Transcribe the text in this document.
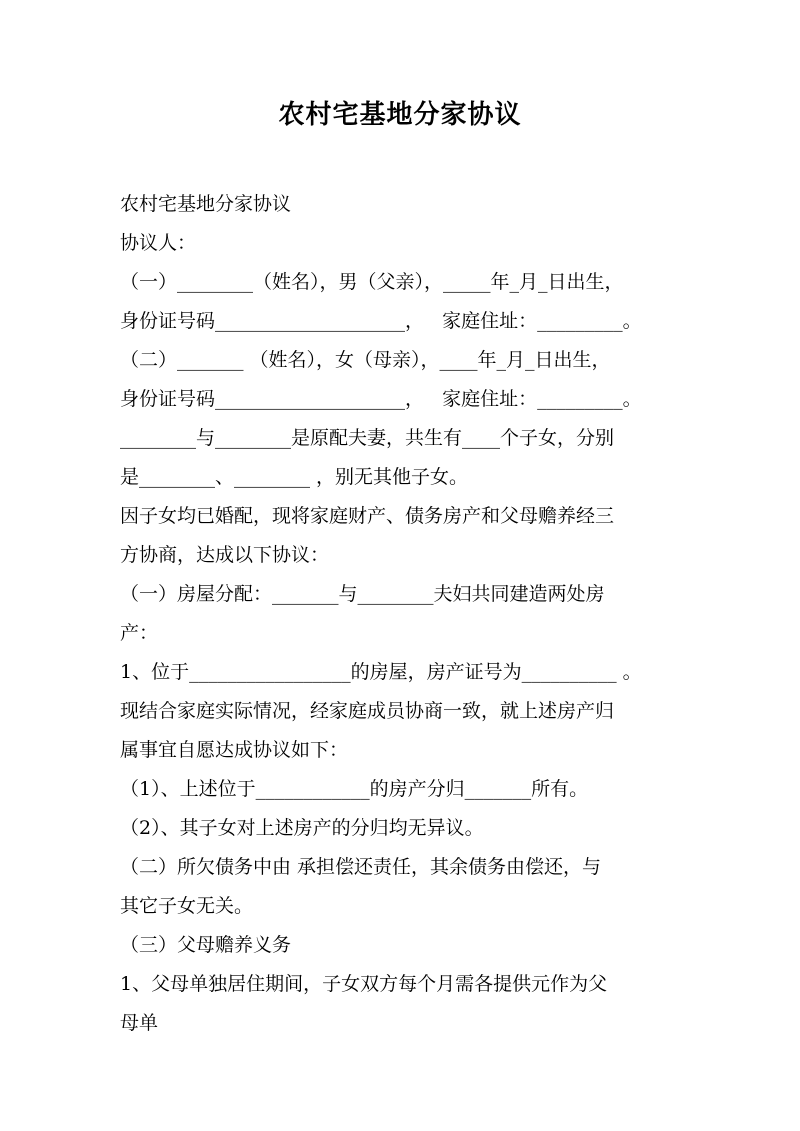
农村宅基地分家协议
农村宅基地分家协议
协议人：
（一）________（姓名），男（父亲），_____年_月_日出生，
身份证号码____________________，   家庭住址：_________。
（二）_______ （姓名），女（母亲），____年_月_日出生，
身份证号码____________________，   家庭住址：_________。
________与________是原配夫妻，共生有____个子女，分别
是________、________ ，别无其他子女。
因子女均已婚配，现将家庭财产、债务房产和父母赡养经三
方协商，达成以下协议：
（一）房屋分配：_______与________夫妇共同建造两处房
产：
1、位于_________________的房屋，房产证号为__________ 。
现结合家庭实际情况，经家庭成员协商一致，就上述房产归
属事宜自愿达成协议如下：
（1）、上述位于____________的房产分归_______所有。
（2）、其子女对上述房产的分归均无异议。
（二）所欠债务中由 承担偿还责任，其余债务由偿还，与
其它子女无关。
（三）父母赡养义务
1、父母单独居住期间，子女双方每个月需各提供元作为父
母单
